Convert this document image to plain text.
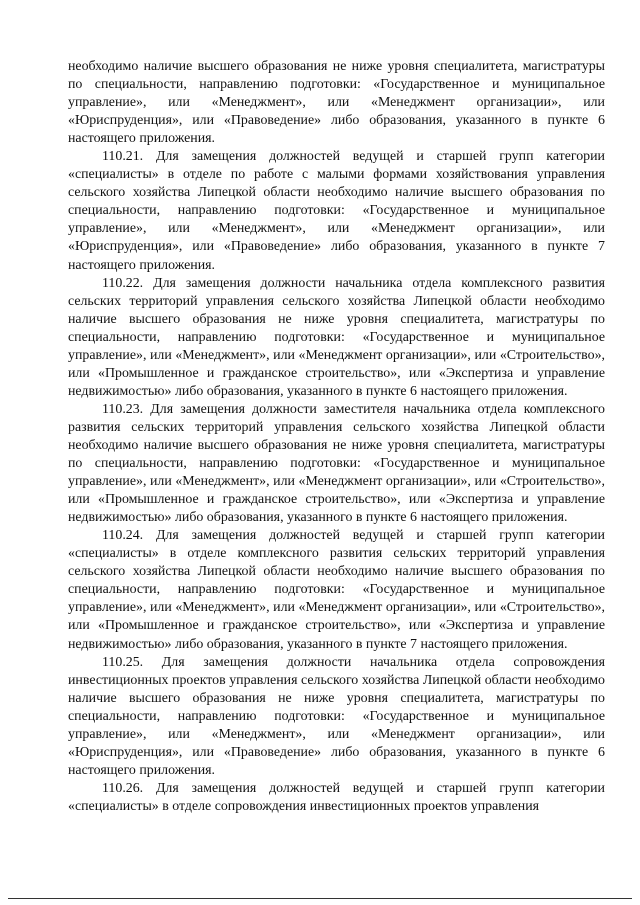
необходимо наличие высшего образования не ниже уровня специалитета, магистратуры по специальности, направлению подготовки: «Государственное и муниципальное управление», или «Менеджмент», или «Менеджмент организации», или «Юриспруденция», или «Правоведение» либо образования, указанного в пункте 6 настоящего приложения.

110.21. Для замещения должностей ведущей и старшей групп категории «специалисты» в отделе по работе с малыми формами хозяйствования управления сельского хозяйства Липецкой области необходимо наличие высшего образования по специальности, направлению подготовки: «Государственное и муниципальное управление», или «Менеджмент», или «Менеджмент организации», или «Юриспруденция», или «Правоведение» либо образования, указанного в пункте 7 настоящего приложения.

110.22. Для замещения должности начальника отдела комплексного развития сельских территорий управления сельского хозяйства Липецкой области необходимо наличие высшего образования не ниже уровня специалитета, магистратуры по специальности, направлению подготовки: «Государственное и муниципальное управление», или «Менеджмент», или «Менеджмент организации», или «Строительство», или «Промышленное и гражданское строительство», или «Экспертиза и управление недвижимостью» либо образования, указанного в пункте 6 настоящего приложения.

110.23. Для замещения должности заместителя начальника отдела комплексного развития сельских территорий управления сельского хозяйства Липецкой области необходимо наличие высшего образования не ниже уровня специалитета, магистратуры по специальности, направлению подготовки: «Государственное и муниципальное управление», или «Менеджмент», или «Менеджмент организации», или «Строительство», или «Промышленное и гражданское строительство», или «Экспертиза и управление недвижимостью» либо образования, указанного в пункте 6 настоящего приложения.

110.24. Для замещения должностей ведущей и старшей групп категории «специалисты» в отделе комплексного развития сельских территорий управления сельского хозяйства Липецкой области необходимо наличие высшего образования по специальности, направлению подготовки: «Государственное и муниципальное управление», или «Менеджмент», или «Менеджмент организации», или «Строительство», или «Промышленное и гражданское строительство», или «Экспертиза и управление недвижимостью» либо образования, указанного в пункте 7 настоящего приложения.

110.25. Для замещения должности начальника отдела сопровождения инвестиционных проектов управления сельского хозяйства Липецкой области необходимо наличие высшего образования не ниже уровня специалитета, магистратуры по специальности, направлению подготовки: «Государственное и муниципальное управление», или «Менеджмент», или «Менеджмент организации», или «Юриспруденция», или «Правоведение» либо образования, указанного в пункте 6 настоящего приложения.

110.26. Для замещения должностей ведущей и старшей групп категории «специалисты» в отделе сопровождения инвестиционных проектов управления
